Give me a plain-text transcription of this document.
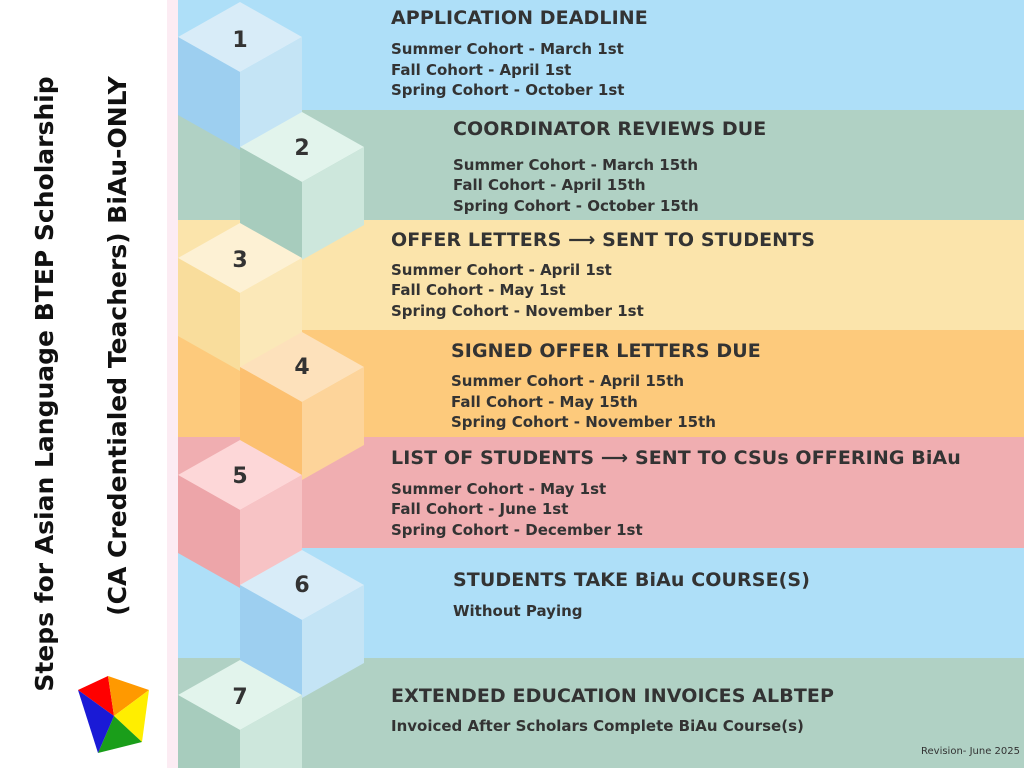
1
2
3
4
5
6
7
APPLICATION DEADLINE
Summer Cohort - March 1st
Fall Cohort - April 1st
Spring Cohort - October 1st
COORDINATOR REVIEWS DUE
Summer Cohort - March 15th
Fall Cohort - April 15th
Spring Cohort - October 15th
OFFER LETTERS ⟶ SENT TO STUDENTS
Summer Cohort - April 1st
Fall Cohort - May 1st
Spring Cohort - November 1st
SIGNED OFFER LETTERS DUE
Summer Cohort - April 15th
Fall Cohort - May 15th
Spring Cohort - November 15th
LIST OF STUDENTS ⟶ SENT TO CSUs OFFERING BiAu
Summer Cohort - May 1st
Fall Cohort - June 1st
Spring Cohort - December 1st
STUDENTS TAKE BiAu COURSE(S)
Without Paying
EXTENDED EDUCATION INVOICES ALBTEP
Invoiced After Scholars Complete BiAu Course(s)
Steps for Asian Language BTEP Scholarship (CA Credentialed Teachers) BiAu-ONLY
Revision- June 2025
